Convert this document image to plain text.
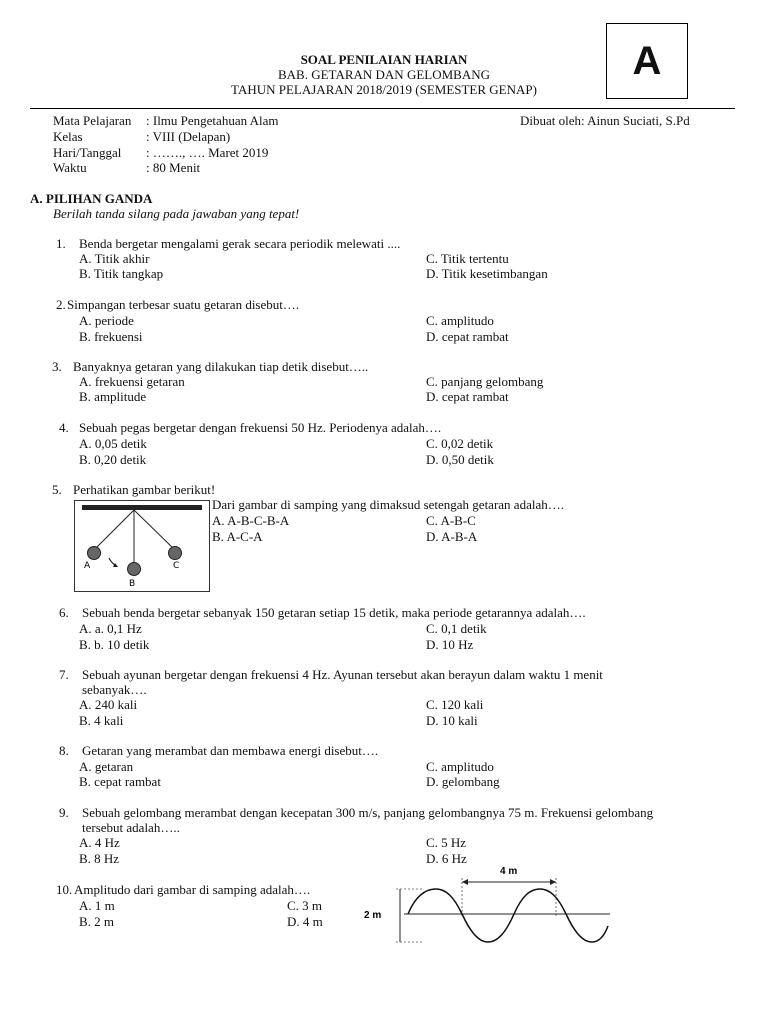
SOAL PENILAIAN HARIAN
BAB. GETARAN DAN GELOMBANG
TAHUN PELAJARAN 2018/2019 (SEMESTER GENAP)
A
Mata Pelajaran : Ilmu Pengetahuan Alam
Kelas	: VIII (Delapan)
Hari/Tanggal : ……., …. Maret 2019
Waktu	: 80 Menit
Dibuat oleh: Ainun Suciati, S.Pd
A. PILIHAN GANDA
Berilah tanda silang pada jawaban yang tepat!
1. Benda bergetar mengalami gerak secara periodik melewati ....
A. Titik akhir
B. Titik tangkap
C. Titik tertentu
D. Titik kesetimbangan
2. Simpangan terbesar suatu getaran disebut….
A. periode
B. frekuensi
C. amplitudo
D. cepat rambat
3. Banyaknya getaran yang dilakukan tiap detik disebut…..
A. frekuensi getaran
B. amplitude
C. panjang gelombang
D. cepat rambat
4. Sebuah pegas bergetar dengan frekuensi 50 Hz. Periodenya adalah….
A. 0,05 detik
B. 0,20 detik
C. 0,02 detik
D. 0,50 detik
5. Perhatikan gambar berikut!
Dari gambar di samping yang dimaksud setengah getaran adalah….
A. A-B-C-B-A
B. A-C-A
C. A-B-C
D. A-B-A
A
B
C
6. Sebuah benda bergetar sebanyak 150 getaran setiap 15 detik, maka periode getarannya adalah….
A. a. 0,1 Hz
B. b. 10 detik
C. 0,1 detik
D. 10 Hz
7. Sebuah ayunan bergetar dengan frekuensi 4 Hz. Ayunan tersebut akan berayun dalam waktu 1 menit
sebanyak….
A. 240 kali
B. 4 kali
C. 120 kali
D. 10 kali
8. Getaran yang merambat dan membawa energi disebut….
A. getaran
B. cepat rambat
C. amplitudo
D. gelombang
9. Sebuah gelombang merambat dengan kecepatan 300 m/s, panjang gelombangnya 75 m. Frekuensi gelombang
tersebut adalah…..
A. 4 Hz
B. 8 Hz
C. 5 Hz
D. 6 Hz
10. Amplitudo dari gambar di samping adalah….
A. 1 m
B. 2 m
C. 3 m
D. 4 m
4 m
2 m
